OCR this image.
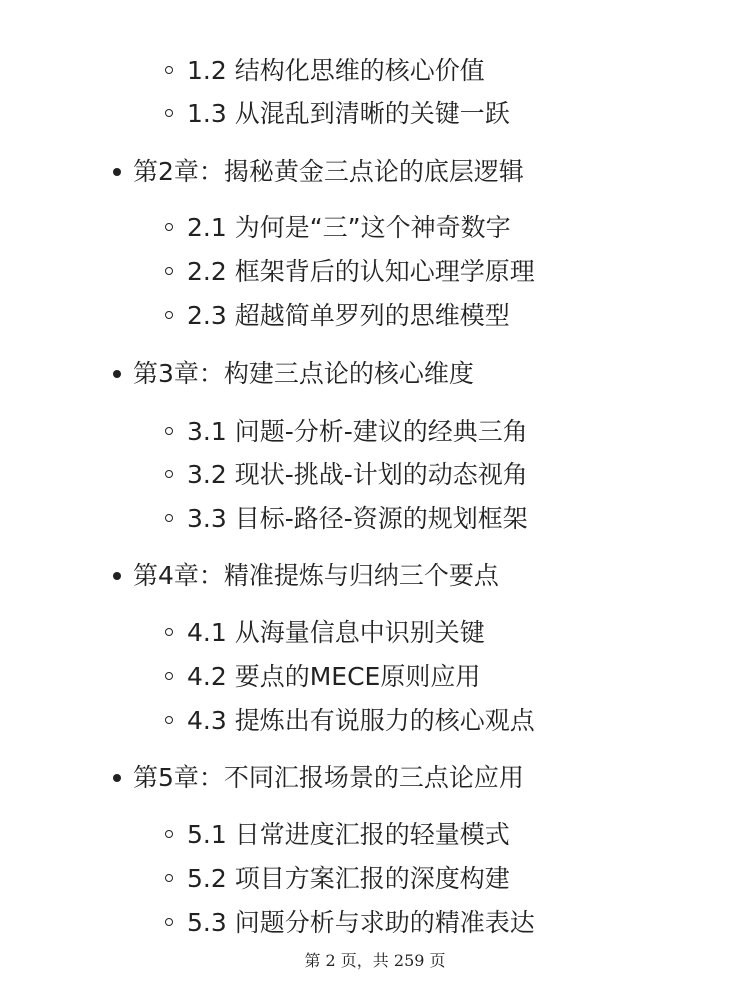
1.2 结构化思维的核心价值
1.3 从混乱到清晰的关键一跃
第2章：揭秘黄金三点论的底层逻辑
2.1 为何是“三”这个神奇数字
2.2 框架背后的认知心理学原理
2.3 超越简单罗列的思维模型
第3章：构建三点论的核心维度
3.1 问题-分析-建议的经典三角
3.2 现状-挑战-计划的动态视角
3.3 目标-路径-资源的规划框架
第4章：精准提炼与归纳三个要点
4.1 从海量信息中识别关键
4.2 要点的MECE原则应用
4.3 提炼出有说服力的核心观点
第5章：不同汇报场景的三点论应用
5.1 日常进度汇报的轻量模式
5.2 项目方案汇报的深度构建
5.3 问题分析与求助的精准表达
第 2 页，共 259 页
